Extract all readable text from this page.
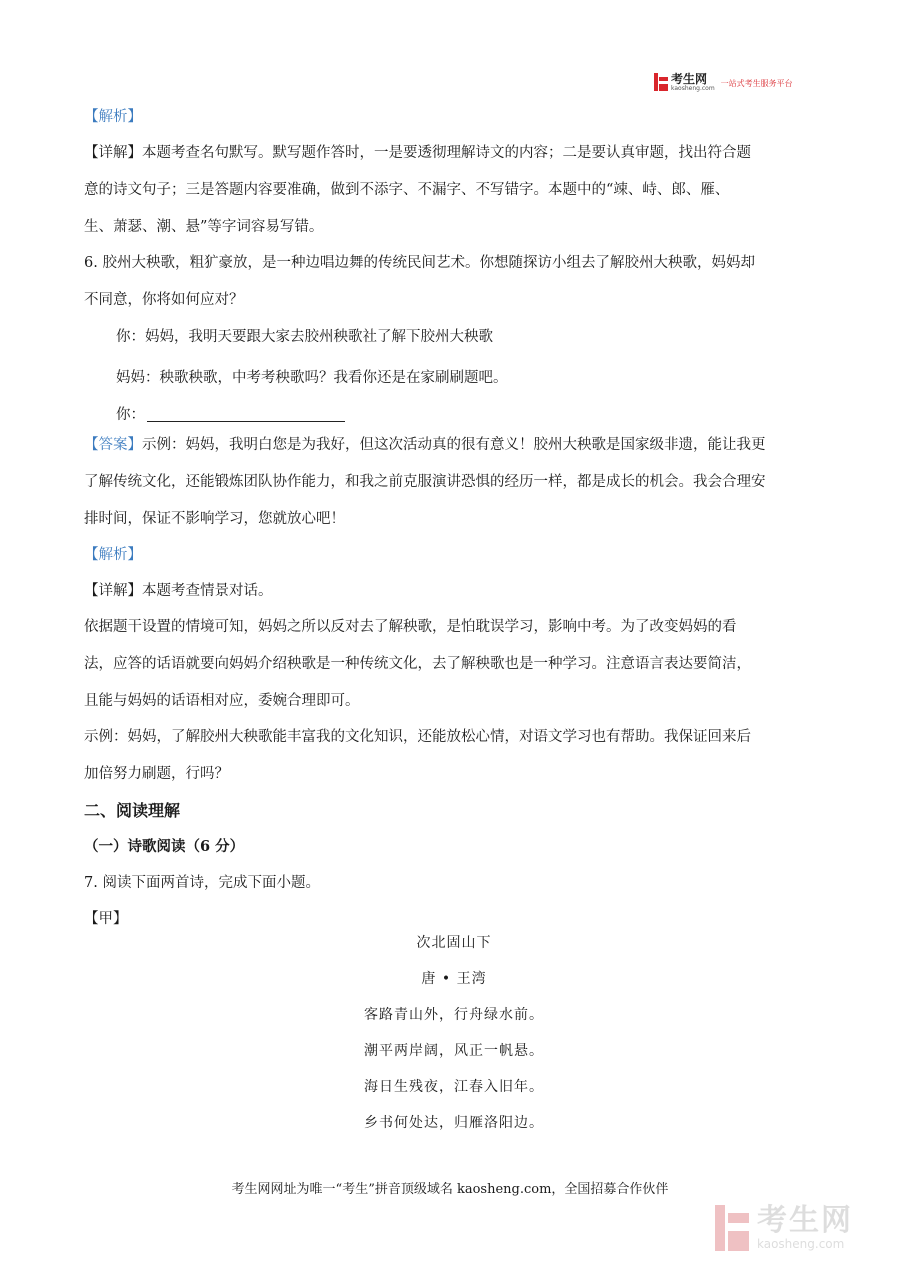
考生网
kaosheng.com 一站式考生服务平台
【解析】
【详解】本题考查名句默写。默写题作答时，一是要透彻理解诗文的内容；二是要认真审题，找出符合题
意的诗文句子；三是答题内容要准确，做到不添字、不漏字、不写错字。本题中的“竦、峙、郎、雁、
生、萧瑟、潮、悬”等字词容易写错。
6. 胶州大秧歌，粗犷豪放，是一种边唱边舞的传统民间艺术。你想随探访小组去了解胶州大秧歌，妈妈却
不同意，你将如何应对？
你：妈妈，我明天要跟大家去胶州秧歌社了解下胶州大秧歌
妈妈：秧歌秧歌，中考考秧歌吗？我看你还是在家刷刷题吧。
你：
【答案】示例：妈妈，我明白您是为我好，但这次活动真的很有意义！胶州大秧歌是国家级非遗，能让我更
了解传统文化，还能锻炼团队协作能力，和我之前克服演讲恐惧的经历一样，都是成长的机会。我会合理安
排时间，保证不影响学习，您就放心吧！
【解析】
【详解】本题考查情景对话。
依据题干设置的情境可知，妈妈之所以反对去了解秧歌，是怕耽误学习，影响中考。为了改变妈妈的看
法，应答的话语就要向妈妈介绍秧歌是一种传统文化，去了解秧歌也是一种学习。注意语言表达要简洁，
且能与妈妈的话语相对应，委婉合理即可。
示例：妈妈，了解胶州大秧歌能丰富我的文化知识，还能放松心情，对语文学习也有帮助。我保证回来后
加倍努力刷题，行吗？
二、阅读理解
（一）诗歌阅读（6 分）
7. 阅读下面两首诗，完成下面小题。
【甲】
次北固山下
唐 • 王湾
客路青山外，行舟绿水前。
潮平两岸阔，风正一帆悬。
海日生残夜，江春入旧年。
乡书何处达，归雁洛阳边。
考生网网址为唯一“考生”拼音顶级域名 kaosheng.com，全国招募合作伙伴
考生网
kaosheng.com
